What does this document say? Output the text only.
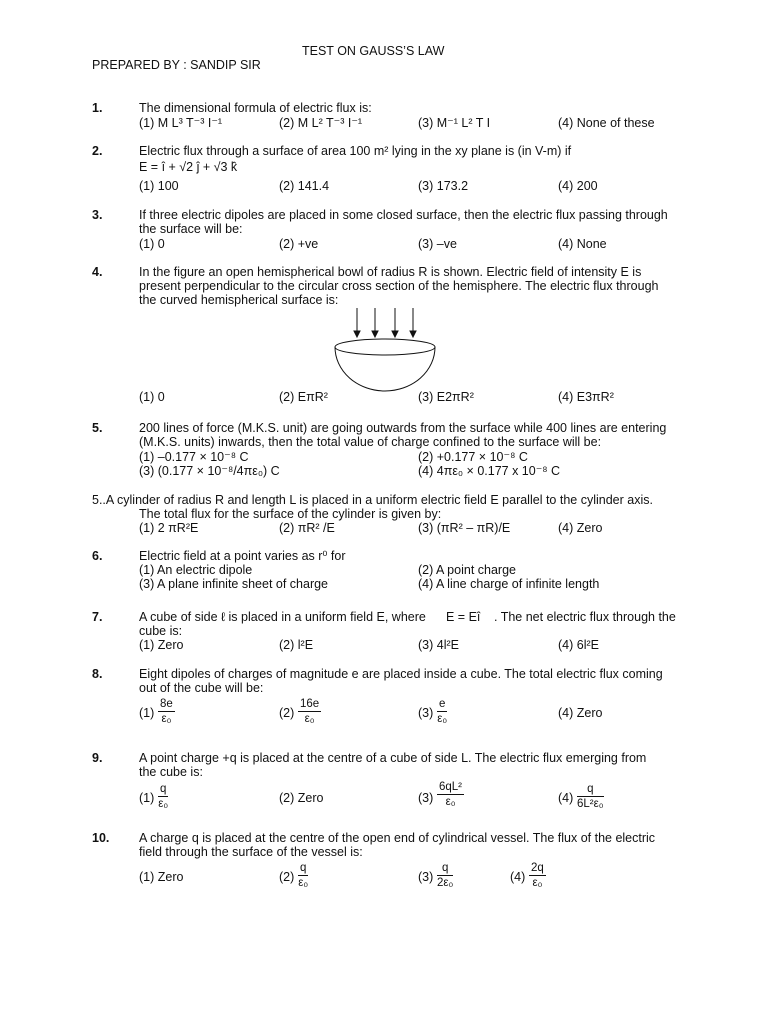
TEST ON GAUSS’S LAW
PREPARED BY : SANDIP SIR
1.	The dimensional formula of electric flux is:
(1) M L³ T⁻³ I⁻¹	(2) M L² T⁻³ I⁻¹	(3) M⁻¹ L² T I	(4) None of these
2.	Electric flux through a surface of area 100 m² lying in the xy plane is (in V-m) if
E = î + √2 ĵ + √3 k̂
(1) 100	(2) 141.4	(3) 173.2	(4) 200
3.	If three electric dipoles are placed in some closed surface, then the electric flux passing through
the surface will be:
(1) 0	(2) +ve	(3) –ve	(4) None
4.	In the figure an open hemispherical bowl of radius R is shown. Electric field of intensity E is
present perpendicular to the circular cross section of the hemisphere. The electric flux through
the curved hemispherical surface is:
(1) 0	(2) EπR²	(3) E2πR²	(4) E3πR²
5.	200 lines of force (M.K.S. unit) are going outwards from the surface while 400 lines are entering
(M.K.S. units) inwards, then the total value of charge confined to the surface will be:
(1) –0.177 × 10⁻⁸ C	(2) +0.177 × 10⁻⁸ C
(3) (0.177 × 10⁻⁸/4πε₀) C	(4) 4πε₀ × 0.177 x 10⁻⁸ C
5..A cylinder of radius R and length L is placed in a uniform electric field E parallel to the cylinder axis.
The total flux for the surface of the cylinder is given by:
(1) 2 πR²E	(2) πR² /E	(3) (πR² – πR)/E	(4) Zero
6.	Electric field at a point varies as r⁰ for
(1) An electric dipole	(2) A point charge
(3) A plane infinite sheet of charge	(4) A line charge of infinite length
7.	A cube of side ℓ is placed in a uniform field E, where E = Eî . The net electric flux through the
cube is:
(1) Zero	(2) l²E	(3) 4l²E	(4) 6l²E
8.	Eight dipoles of charges of magnitude e are placed inside a cube. The total electric flux coming
out of the cube will be:
$(1) \frac{8e}{\text{ε₀}}$	$(2) \frac{16e}{\text{ε₀}}$	$(3) \frac{e}{\text{ε₀}}$	(4) Zero
9.	A point charge +q is placed at the centre of a cube of side L. The electric flux emerging from
the cube is:
$(1) \frac{q}{\text{ε₀}}$	(2) Zero	$(3) \frac{\text{6qL²}}{\text{ε₀}}$	$(4) \frac{q}{\text{6L²ε₀}}$
10. A charge q is placed at the centre of the open end of cylindrical vessel. The flux of the electric
field through the surface of the vessel is:
(1) Zero	$(2) \frac{q}{\text{ε₀}}$	$(3) \frac{q}{\text{2ε₀}}$	$(4) \frac{2q}{\text{ε₀}}$
